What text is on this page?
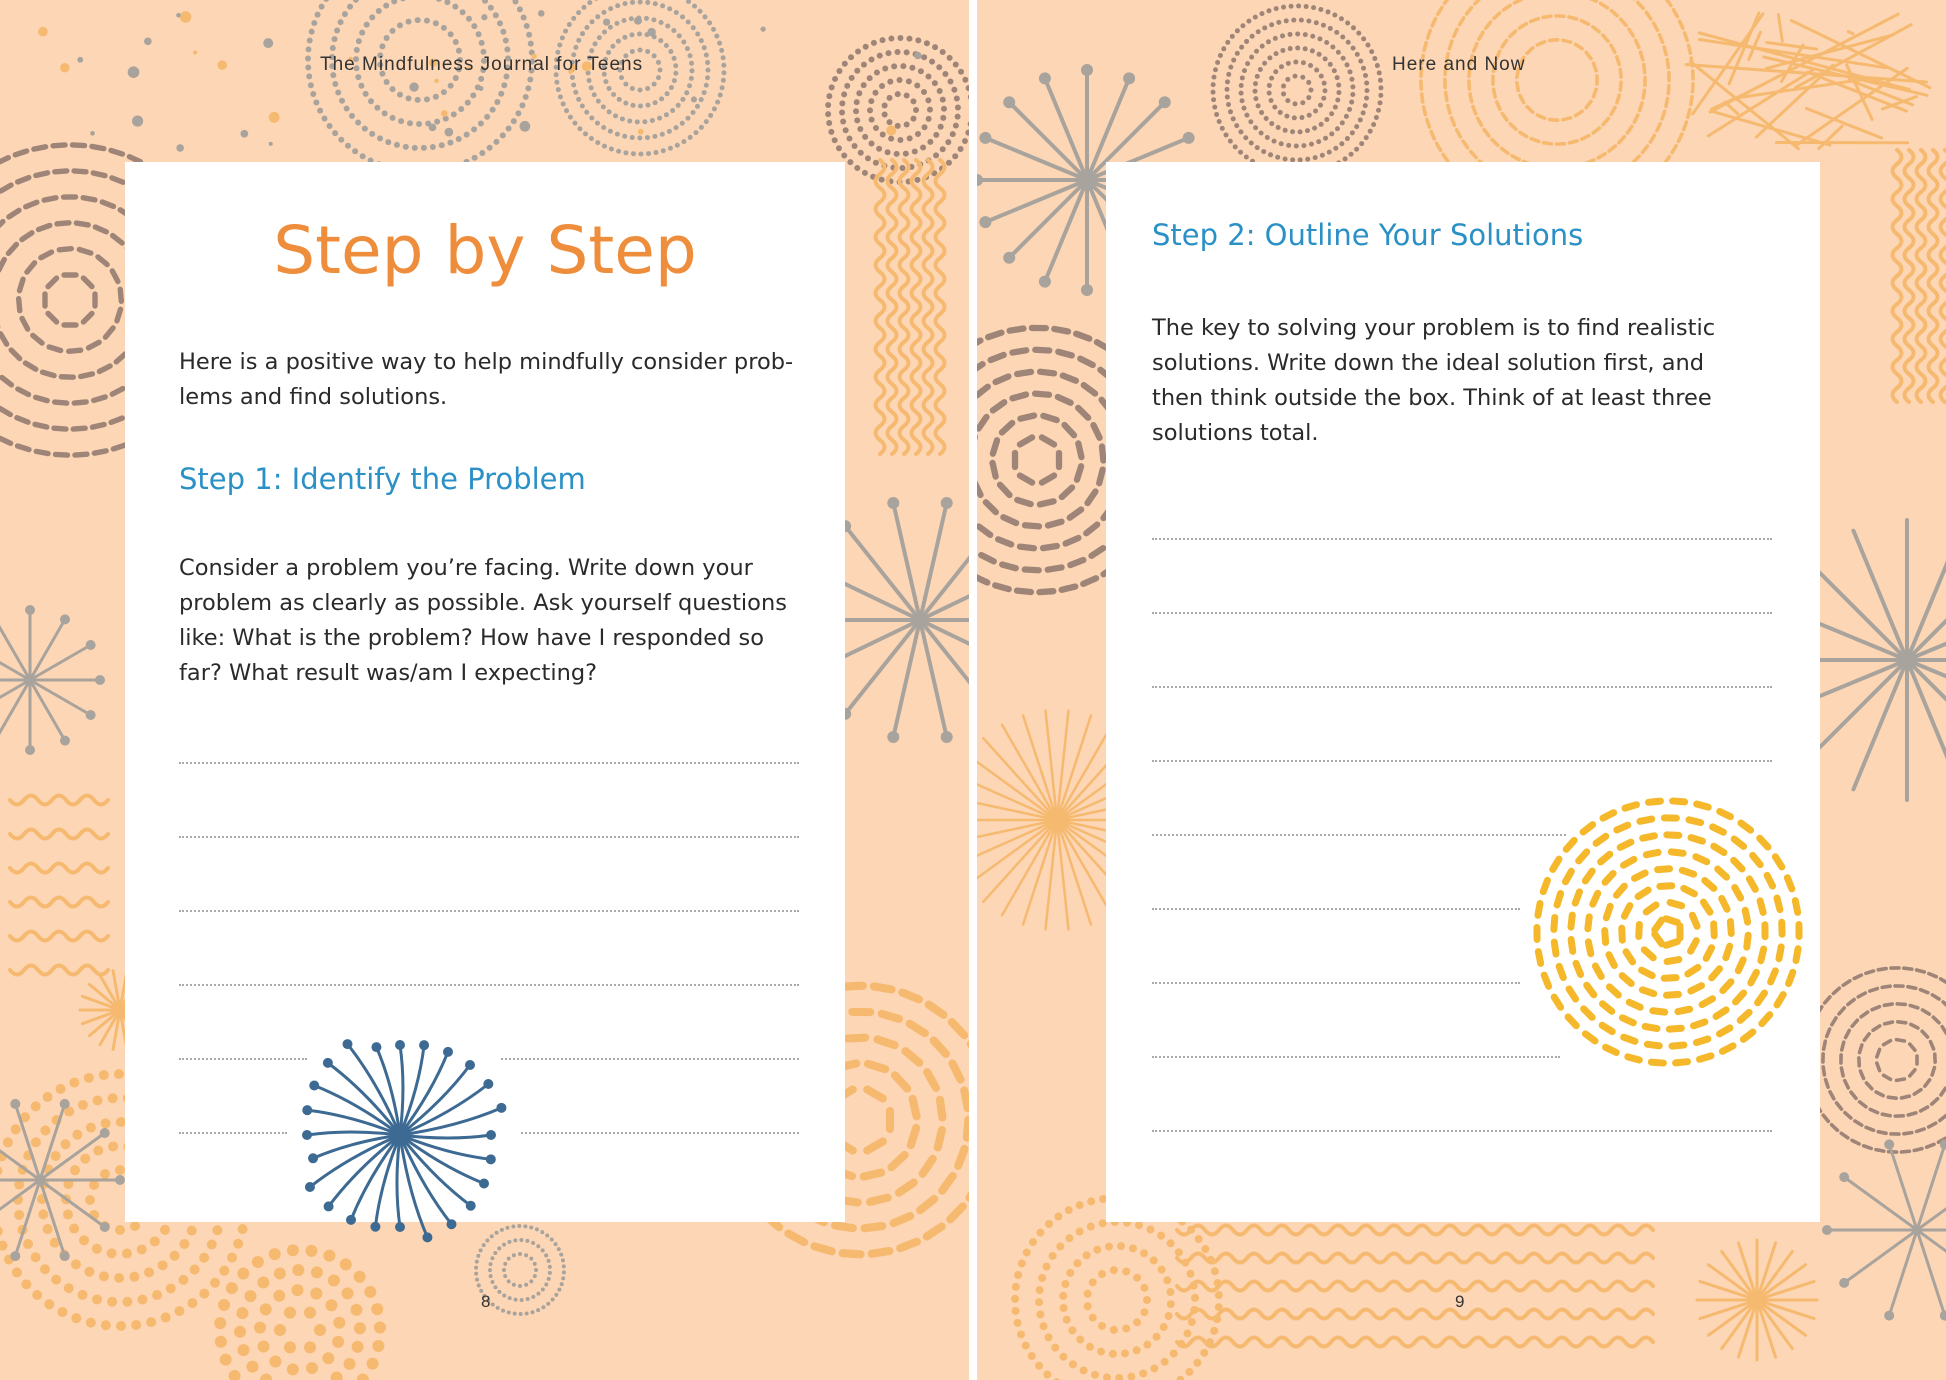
The Mindfulness Journal for Teens
Step by Step

Here is a positive way to help mindfully consider prob-

lems and find solutions.

Step 1: Identify the Problem

Consider a problem you’re facing. Write down your

problem as clearly as possible. Ask yourself questions

like: What is the problem? How have I responded so

far? What result was/am I expecting?

8
Here and Now
Step 2: Outline Your Solutions

The key to solving your problem is to find realistic

solutions. Write down the ideal solution first, and

then think outside the box. Think of at least three

solutions total.

9
